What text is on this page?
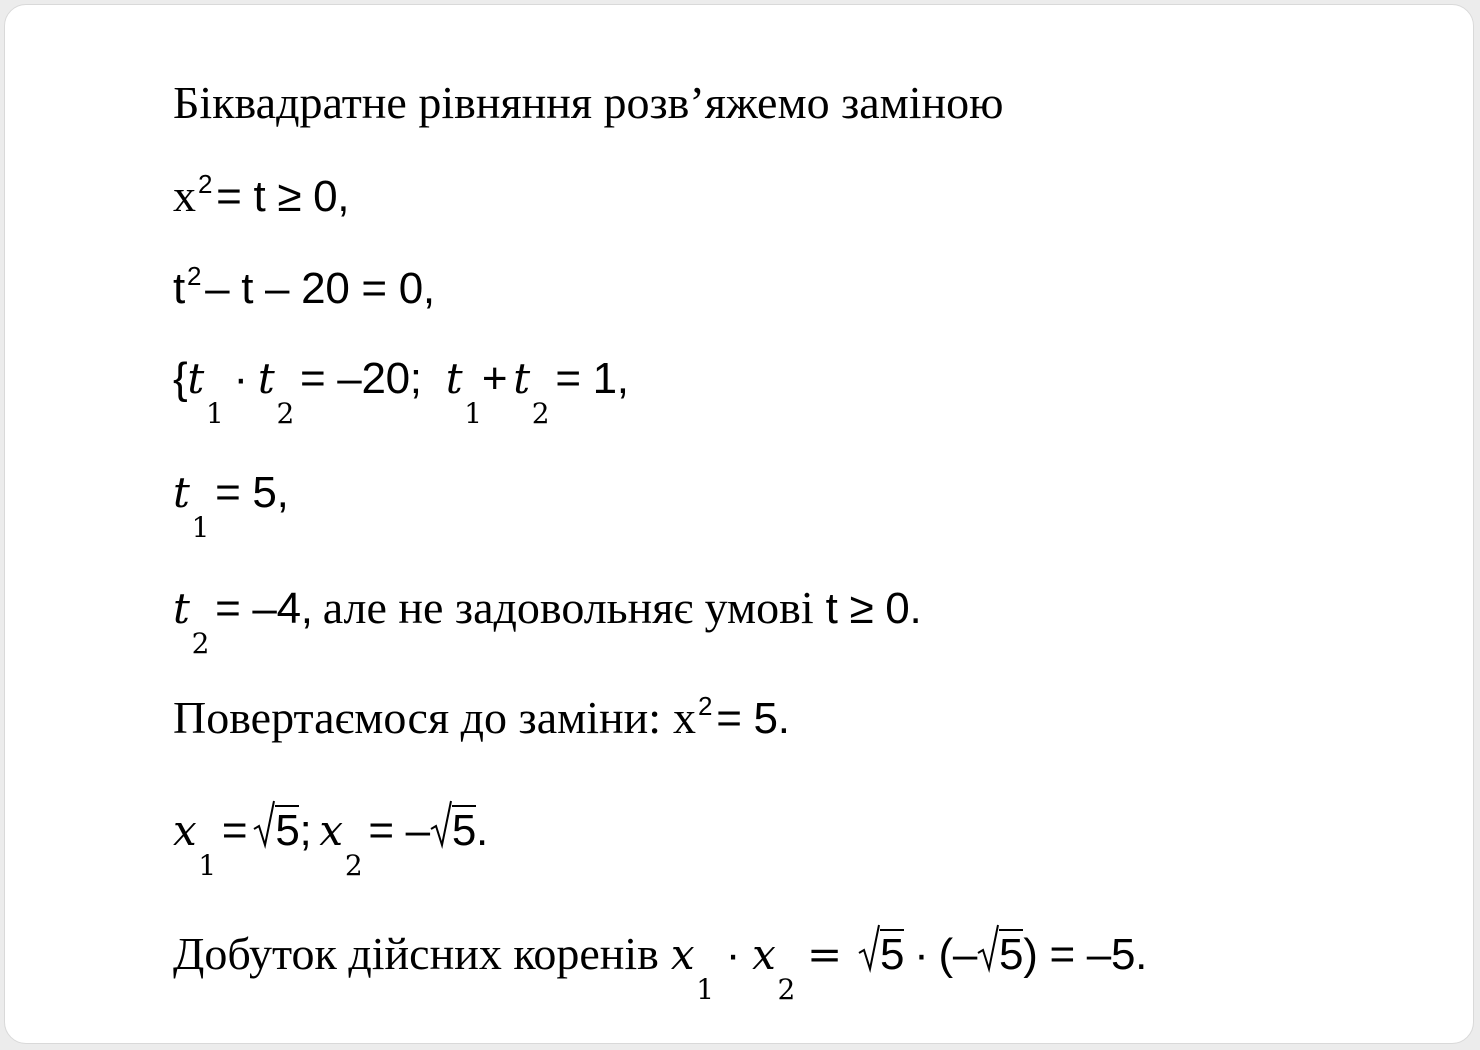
Біквадратне рівняння розв’яжемо заміною
$x^2= t \ge 0$,
$t^2-$ t – 20 = 0,
{$t_1\cdot t_2= -20$; $t_1+ t_2= 1$,
$t_1= 5$,
$t_2= -4$, але не задовольняє умові t ≥ 0.
Повертаємося до заміни: $x^2= 5$.
$x_1= 5$; $x_2= - 5$.
Добуток дійсних коренів $x_1\cdot x_2= 5$ · (– 5) = –5.
